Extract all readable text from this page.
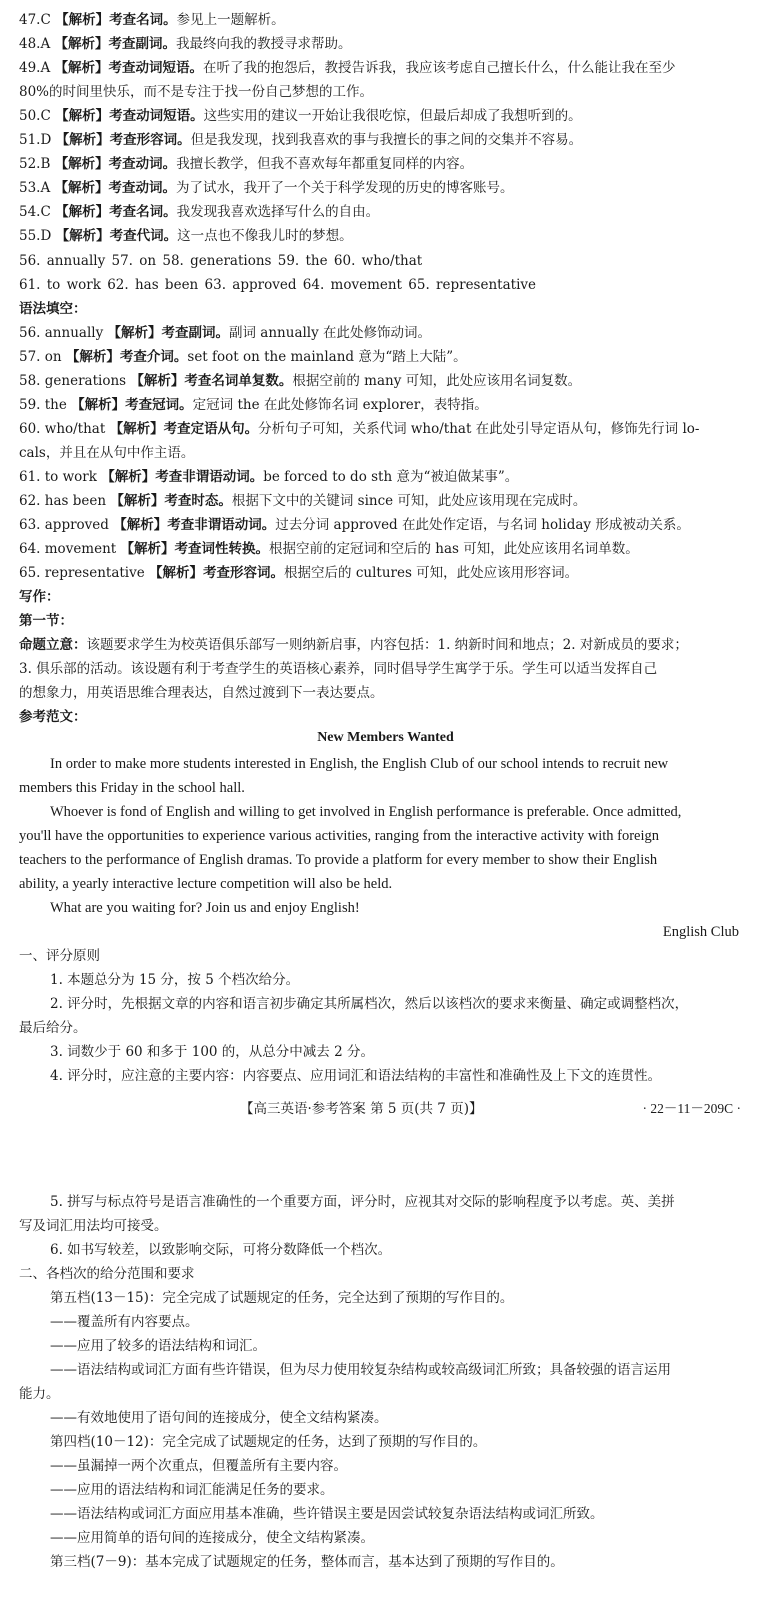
47.C 【解析】考查名词。参见上一题解析。
48.A 【解析】考查副词。我最终向我的教授寻求帮助。
49.A 【解析】考查动词短语。在听了我的抱怨后，教授告诉我，我应该考虑自己擅长什么，什么能让我在至少
80%的时间里快乐，而不是专注于找一份自己梦想的工作。
50.C 【解析】考查动词短语。这些实用的建议一开始让我很吃惊，但最后却成了我想听到的。
51.D 【解析】考查形容词。但是我发现，找到我喜欢的事与我擅长的事之间的交集并不容易。
52.B 【解析】考查动词。我擅长教学，但我不喜欢每年都重复同样的内容。
53.A 【解析】考查动词。为了试水，我开了一个关于科学发现的历史的博客账号。
54.C 【解析】考查名词。我发现我喜欢选择写什么的自由。
55.D 【解析】考查代词。这一点也不像我儿时的梦想。
56. annually 57. on 58. generations 59. the 60. who/that
61. to work 62. has been 63. approved 64. movement 65. representative
语法填空：
56. annually 【解析】考查副词。副词 annually 在此处修饰动词。
57. on 【解析】考查介词。set foot on the mainland 意为“踏上大陆”。
58. generations 【解析】考查名词单复数。根据空前的 many 可知，此处应该用名词复数。
59. the 【解析】考查冠词。定冠词 the 在此处修饰名词 explorer，表特指。
60. who/that 【解析】考查定语从句。分析句子可知，关系代词 who/that 在此处引导定语从句，修饰先行词 lo-
cals，并且在从句中作主语。
61. to work 【解析】考查非谓语动词。be forced to do sth 意为“被迫做某事”。
62. has been 【解析】考查时态。根据下文中的关键词 since 可知，此处应该用现在完成时。
63. approved 【解析】考查非谓语动词。过去分词 approved 在此处作定语，与名词 holiday 形成被动关系。
64. movement 【解析】考查词性转换。根据空前的定冠词和空后的 has 可知，此处应该用名词单数。
65. representative 【解析】考查形容词。根据空后的 cultures 可知，此处应该用形容词。
写作：
第一节：
命题立意：该题要求学生为校英语俱乐部写一则纳新启事，内容包括：1. 纳新时间和地点；2. 对新成员的要求；
3. 俱乐部的活动。该设题有利于考查学生的英语核心素养，同时倡导学生寓学于乐。学生可以适当发挥自己
的想象力，用英语思维合理表达，自然过渡到下一表达要点。
参考范文：
New Members Wanted
In order to make more students interested in English, the English Club of our school intends to recruit new
members this Friday in the school hall.
Whoever is fond of English and willing to get involved in English performance is preferable. Once admitted,
you'll have the opportunities to experience various activities, ranging from the interactive activity with foreign
teachers to the performance of English dramas. To provide a platform for every member to show their English
ability, a yearly interactive lecture competition will also be held.
What are you waiting for? Join us and enjoy English!
English Club
一、评分原则
1. 本题总分为 15 分，按 5 个档次给分。
2. 评分时，先根据文章的内容和语言初步确定其所属档次，然后以该档次的要求来衡量、确定或调整档次，
最后给分。
3. 词数少于 60 和多于 100 的，从总分中减去 2 分。
4. 评分时，应注意的主要内容：内容要点、应用词汇和语法结构的丰富性和准确性及上下文的连贯性。
【高三英语·参考答案 第 5 页(共 7 页)】	· 22－11－209C ·
5. 拼写与标点符号是语言准确性的一个重要方面，评分时，应视其对交际的影响程度予以考虑。英、美拼
写及词汇用法均可接受。
6. 如书写较差，以致影响交际，可将分数降低一个档次。
二、各档次的给分范围和要求
第五档(13－15)：完全完成了试题规定的任务，完全达到了预期的写作目的。
——覆盖所有内容要点。
——应用了较多的语法结构和词汇。
——语法结构或词汇方面有些许错误，但为尽力使用较复杂结构或较高级词汇所致；具备较强的语言运用
能力。
——有效地使用了语句间的连接成分，使全文结构紧凑。
第四档(10－12)：完全完成了试题规定的任务，达到了预期的写作目的。
——虽漏掉一两个次重点，但覆盖所有主要内容。
——应用的语法结构和词汇能满足任务的要求。
——语法结构或词汇方面应用基本准确，些许错误主要是因尝试较复杂语法结构或词汇所致。
——应用简单的语句间的连接成分，使全文结构紧凑。
第三档(7－9)：基本完成了试题规定的任务，整体而言，基本达到了预期的写作目的。
